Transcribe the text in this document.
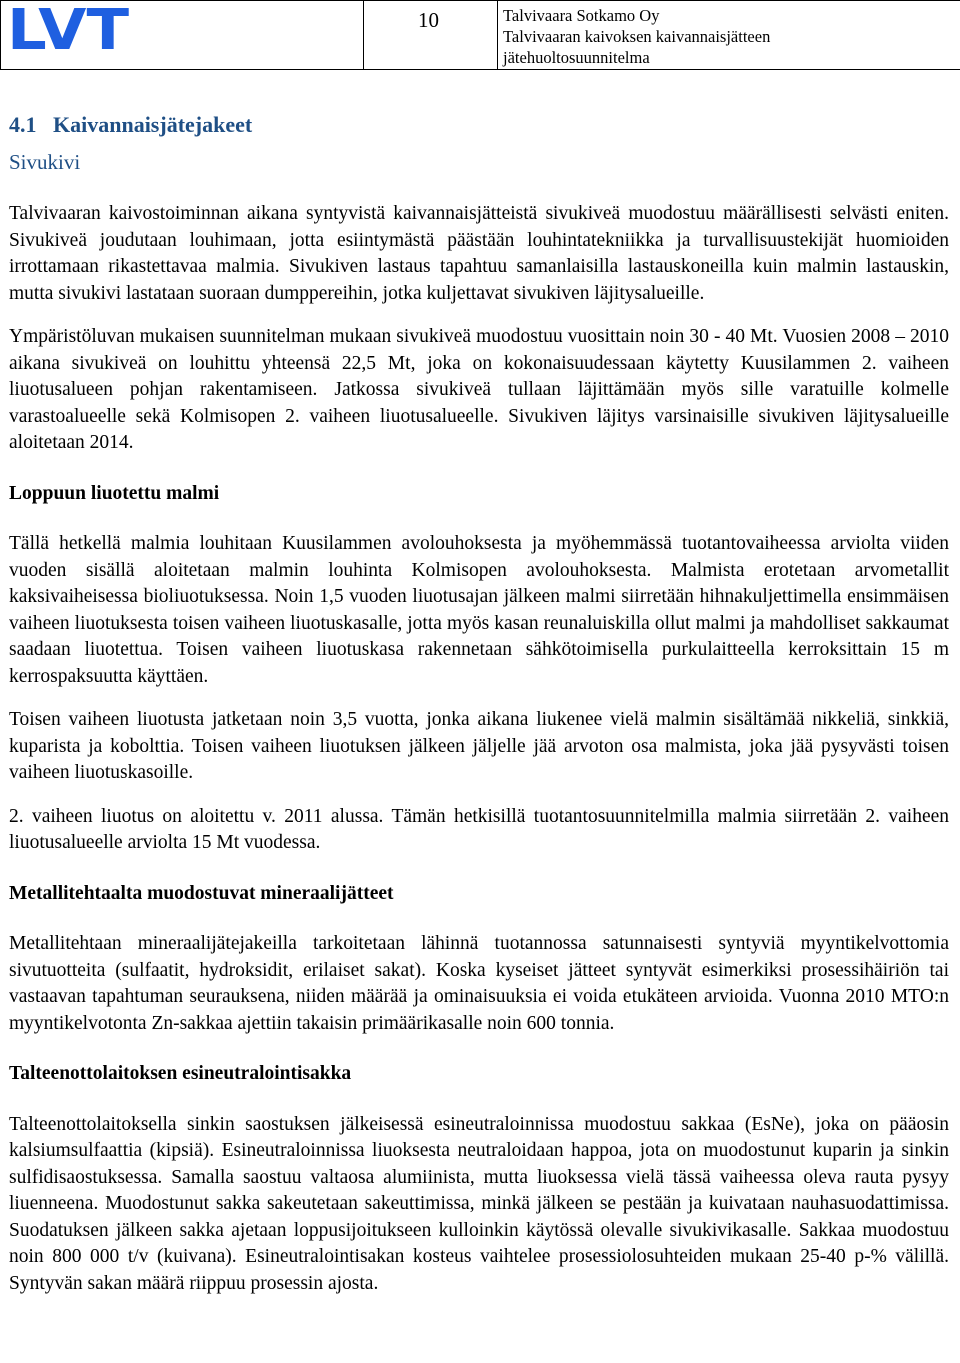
LVT	10	Talvivaara Sotkamo Oy
Talvivaaran kaivoksen kaivannaisjätteen
jätehuoltosuunnitelma
4.1	Kaivannaisjätejakeet
Sivukivi

Talvivaaran kaivostoiminnan aikana syntyvistä kaivannaisjätteistä sivukiveä muodostuu määrällisesti selvästi eniten. Sivukiveä joudutaan louhimaan, jotta esiintymästä päästään louhintatekniikka ja turvallisuustekijät huomioiden irrottamaan rikastettavaa malmia. Sivukiven lastaus tapahtuu samanlaisilla lastauskoneilla kuin malmin lastauskin, mutta sivukivi lastataan suoraan dumppereihin, jotka kuljettavat sivukiven läjitysalueille.

Ympäristöluvan mukaisen suunnitelman mukaan sivukiveä muodostuu vuosittain noin 30 - 40 Mt. Vuosien 2008 – 2010 aikana sivukiveä on louhittu yhteensä 22,5 Mt, joka on kokonaisuudessaan käytetty Kuusilammen 2. vaiheen liuotusalueen pohjan rakentamiseen. Jatkossa sivukiveä tullaan läjittämään myös sille varatuille kolmelle varastoalueelle sekä Kolmisopen 2. vaiheen liuotusalueelle. Sivukiven läjitys varsinaisille sivukiven läjitysalueille aloitetaan 2014.

Loppuun liuotettu malmi

Tällä hetkellä malmia louhitaan Kuusilammen avolouhoksesta ja myöhemmässä tuotantovaiheessa arviolta viiden vuoden sisällä aloitetaan malmin louhinta Kolmisopen avolouhoksesta. Malmista erotetaan arvometallit kaksivaiheisessa bioliuotuksessa. Noin 1,5 vuoden liuotusajan jälkeen malmi siirretään hihnakuljettimella ensimmäisen vaiheen liuotuksesta toisen vaiheen liuotuskasalle, jotta myös kasan reunaluiskilla ollut malmi ja mahdolliset sakkaumat saadaan liuotettua. Toisen vaiheen liuotuskasa rakennetaan sähkötoimisella purkulaitteella kerroksittain 15 m kerrospaksuutta käyttäen.

Toisen vaiheen liuotusta jatketaan noin 3,5 vuotta, jonka aikana liukenee vielä malmin sisältämää nikkeliä, sinkkiä, kuparista ja kobolttia. Toisen vaiheen liuotuksen jälkeen jäljelle jää arvoton osa malmista, joka jää pysyvästi toisen vaiheen liuotuskasoille.

2. vaiheen liuotus on aloitettu v. 2011 alussa. Tämän hetkisillä tuotantosuunnitelmilla malmia siirretään 2. vaiheen liuotusalueelle arviolta 15 Mt vuodessa.

Metallitehtaalta muodostuvat mineraalijätteet

Metallitehtaan mineraalijätejakeilla tarkoitetaan lähinnä tuotannossa satunnaisesti syntyviä myyntikelvottomia sivutuotteita (sulfaatit, hydroksidit, erilaiset sakat). Koska kyseiset jätteet syntyvät esimerkiksi prosessihäiriön tai vastaavan tapahtuman seurauksena, niiden määrää ja ominaisuuksia ei voida etukäteen arvioida. Vuonna 2010 MTO:n myyntikelvotonta Zn-sakkaa ajettiin takaisin primäärikasalle noin 600 tonnia.

Talteenottolaitoksen esineutralointisakka

Talteenottolaitoksella sinkin saostuksen jälkeisessä esineutraloinnissa muodostuu sakkaa (EsNe), joka on pääosin kalsiumsulfaattia (kipsiä). Esineutraloinnissa liuoksesta neutraloidaan happoa, jota on muodostunut kuparin ja sinkin sulfidisaostuksessa. Samalla saostuu valtaosa alumiinista, mutta liuoksessa vielä tässä vaiheessa oleva rauta pysyy liuenneena. Muodostunut sakka sakeutetaan sakeuttimissa, minkä jälkeen se pestään ja kuivataan nauhasuodattimissa. Suodatuksen jälkeen sakka ajetaan loppusijoitukseen kulloinkin käytössä olevalle sivukivikasalle. Sakkaa muodostuu noin 800 000 t/v (kuivana). Esineutralointisakan kosteus vaihtelee prosessiolosuhteiden mukaan 25-40 p-% välillä. Syntyvän sakan määrä riippuu prosessin ajosta.
